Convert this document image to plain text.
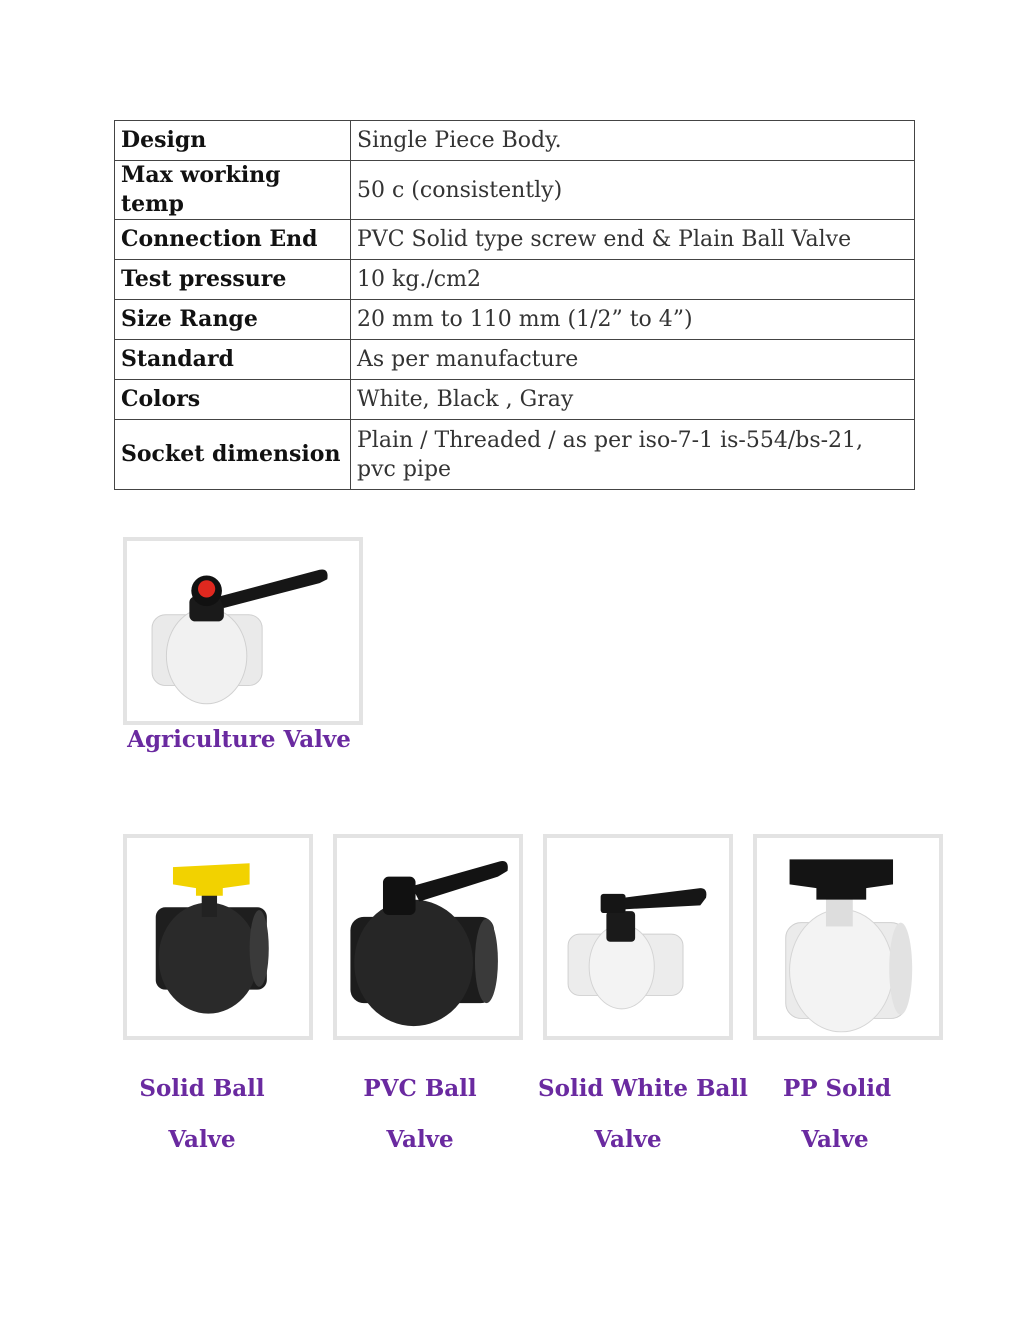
Design	Single Piece Body.
Max working temp	50 c (consistently)
Connection End	PVC Solid type screw end & Plain Ball Valve
Test pressure	10 kg./cm2
Size Range	20 mm to 110 mm (1/2” to 4”)
Standard	As per manufacture
Colors	White, Black , Gray
Socket dimension	Plain / Threaded / as per iso-7-1 is-554/bs-21, pvc pipe
Agriculture Valve
Solid Ball
Valve
PVC Ball
Valve
Solid White Ball
Valve
PP Solid
Valve
